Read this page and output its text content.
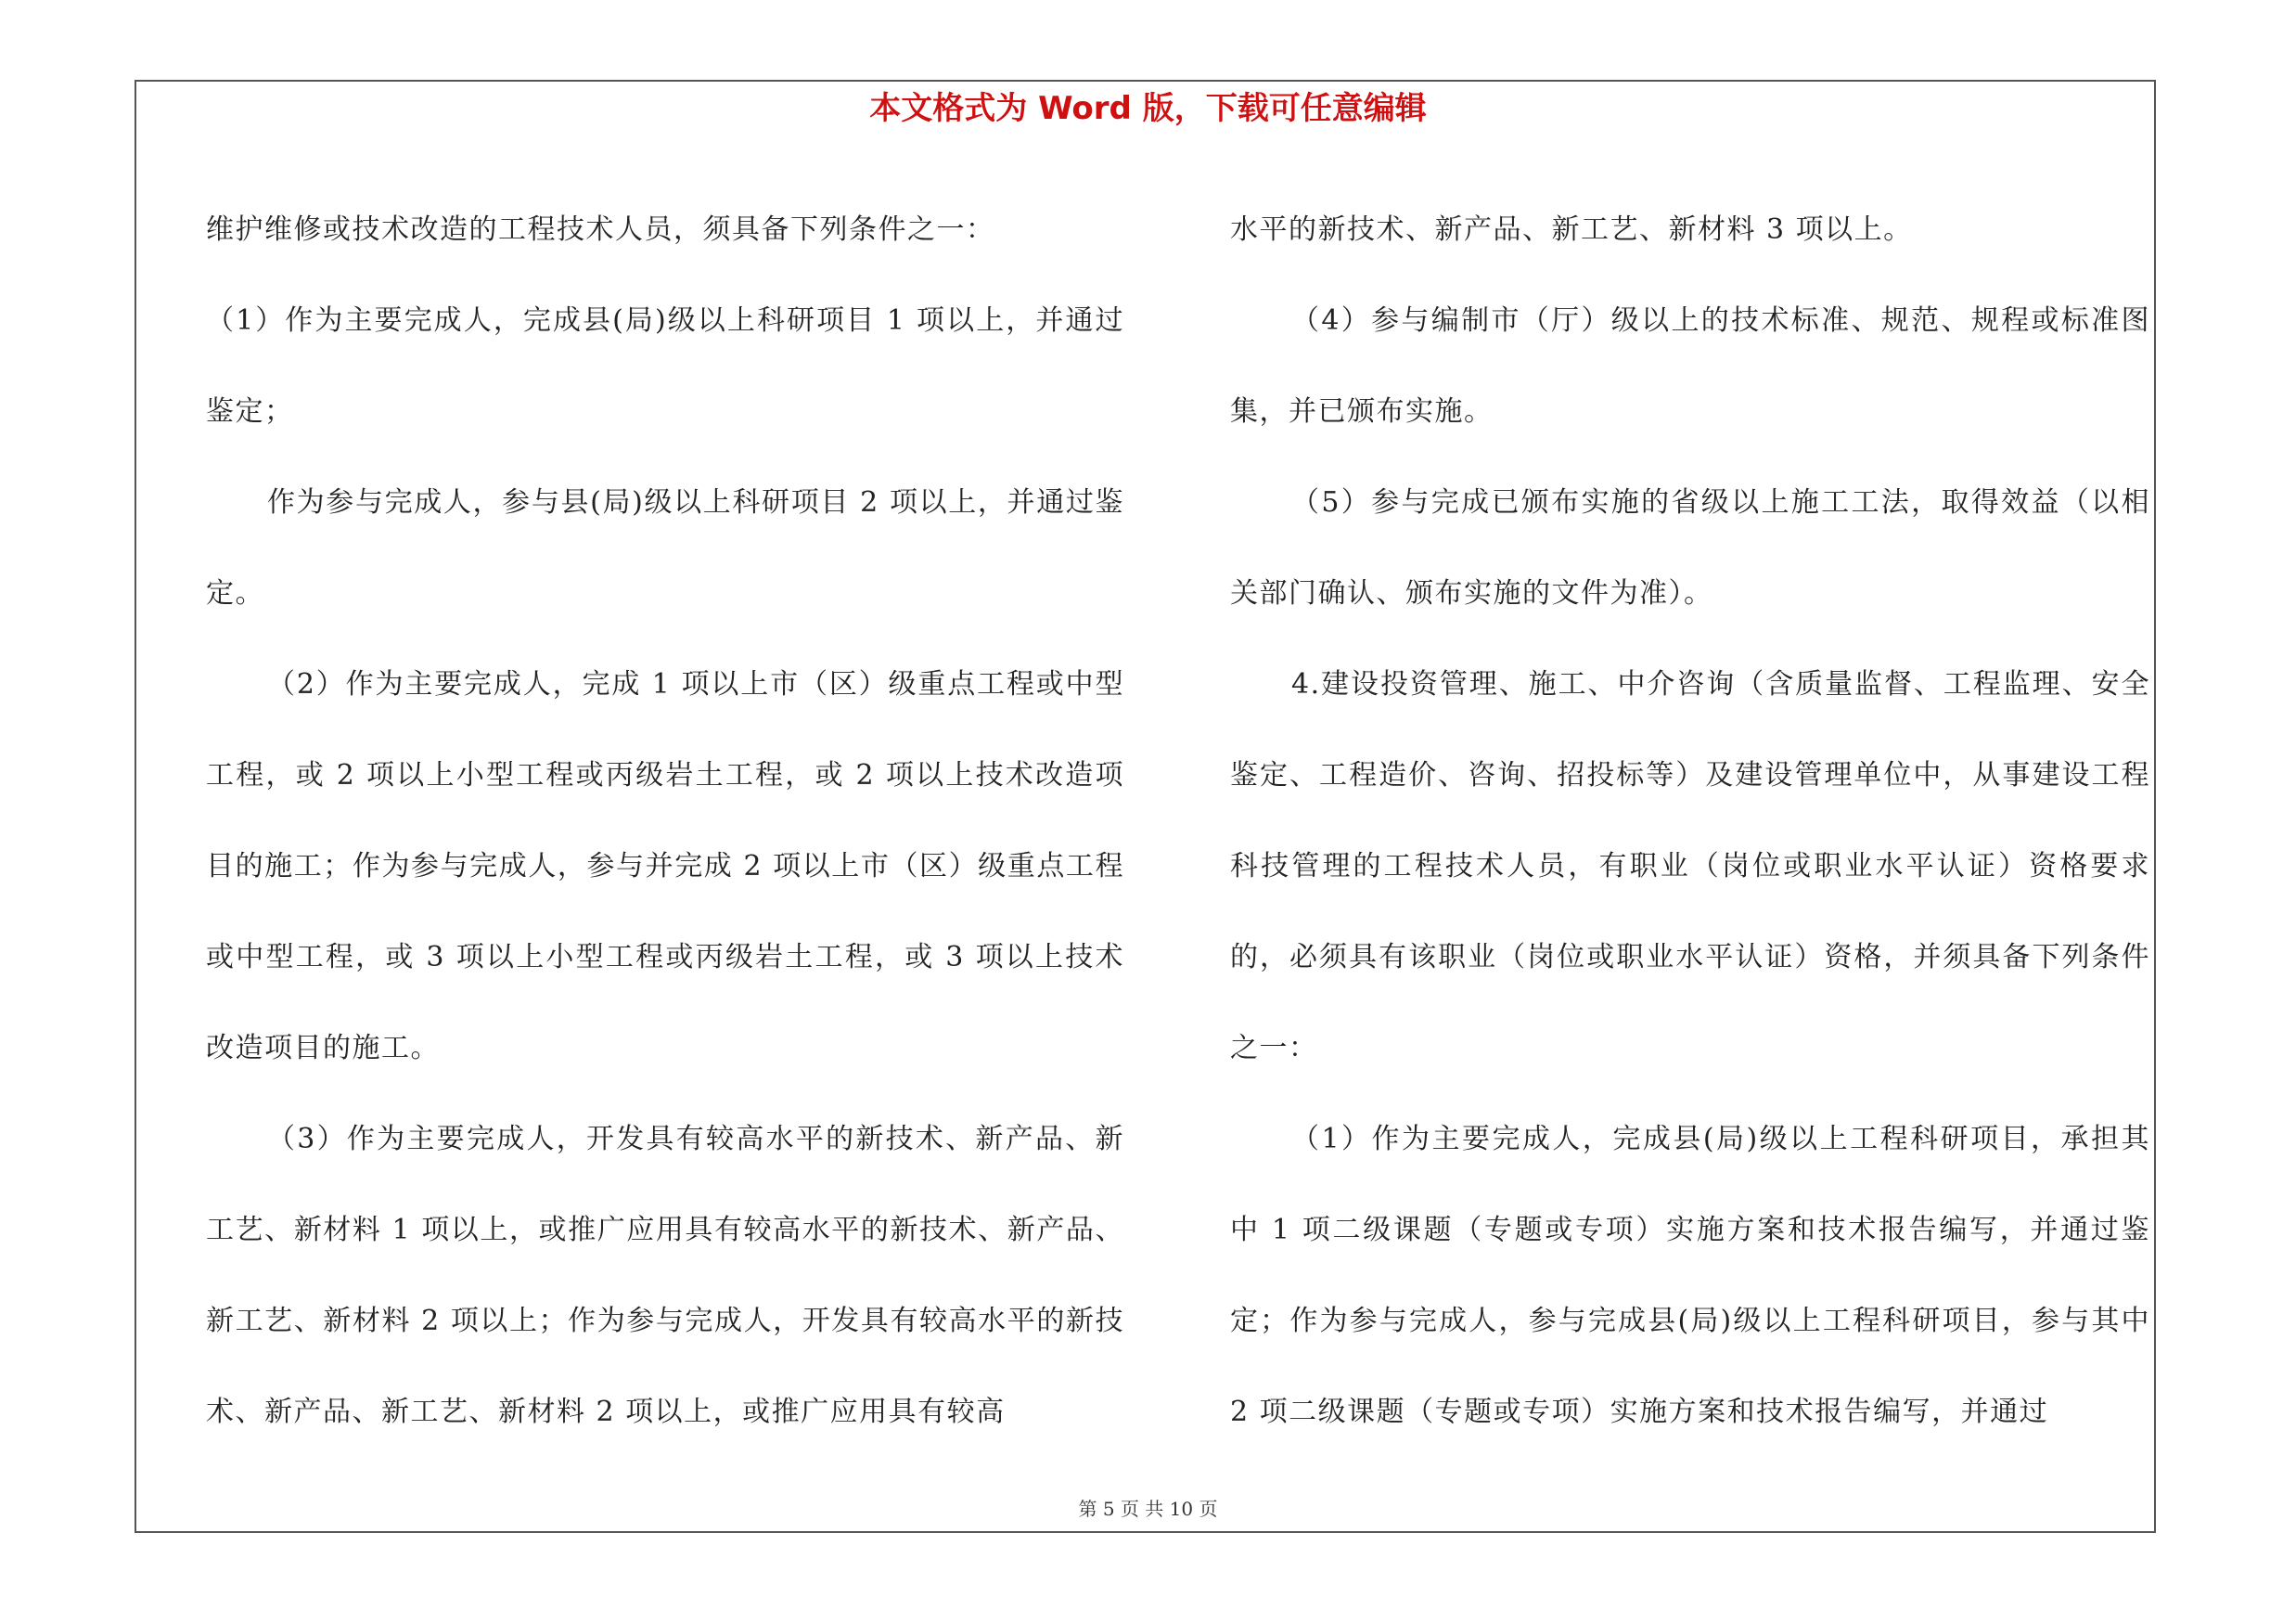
本文格式为 Word 版，下载可任意编辑

维护维修或技术改造的工程技术人员，须具备下列条件之一：

（1）作为主要完成人，完成县(局)级以上科研项目 1 项以上，并通过鉴定；

作为参与完成人，参与县(局)级以上科研项目 2 项以上，并通过鉴定。

（2）作为主要完成人，完成 1 项以上市（区）级重点工程或中型工程，或 2 项以上小型工程或丙级岩土工程，或 2 项以上技术改造项目的施工；作为参与完成人，参与并完成 2 项以上市（区）级重点工程或中型工程，或 3 项以上小型工程或丙级岩土工程，或 3 项以上技术改造项目的施工。

（3）作为主要完成人，开发具有较高水平的新技术、新产品、新工艺、新材料 1 项以上，或推广应用具有较高水平的新技术、新产品、新工艺、新材料 2 项以上；作为参与完成人，开发具有较高水平的新技术、新产品、新工艺、新材料 2 项以上，或推广应用具有较高

水平的新技术、新产品、新工艺、新材料 3 项以上。

（4）参与编制市（厅）级以上的技术标准、规范、规程或标准图集，并已颁布实施。

（5）参与完成已颁布实施的省级以上施工工法，取得效益（以相关部门确认、颁布实施的文件为准）。

4.建设投资管理、施工、中介咨询（含质量监督、工程监理、安全鉴定、工程造价、咨询、招投标等）及建设管理单位中，从事建设工程科技管理的工程技术人员，有职业（岗位或职业水平认证）资格要求的，必须具有该职业（岗位或职业水平认证）资格，并须具备下列条件之一：

（1）作为主要完成人，完成县(局)级以上工程科研项目，承担其中 1 项二级课题（专题或专项）实施方案和技术报告编写，并通过鉴定；作为参与完成人，参与完成县(局)级以上工程科研项目，参与其中 2 项二级课题（专题或专项）实施方案和技术报告编写，并通过

第 5 页 共 10 页
